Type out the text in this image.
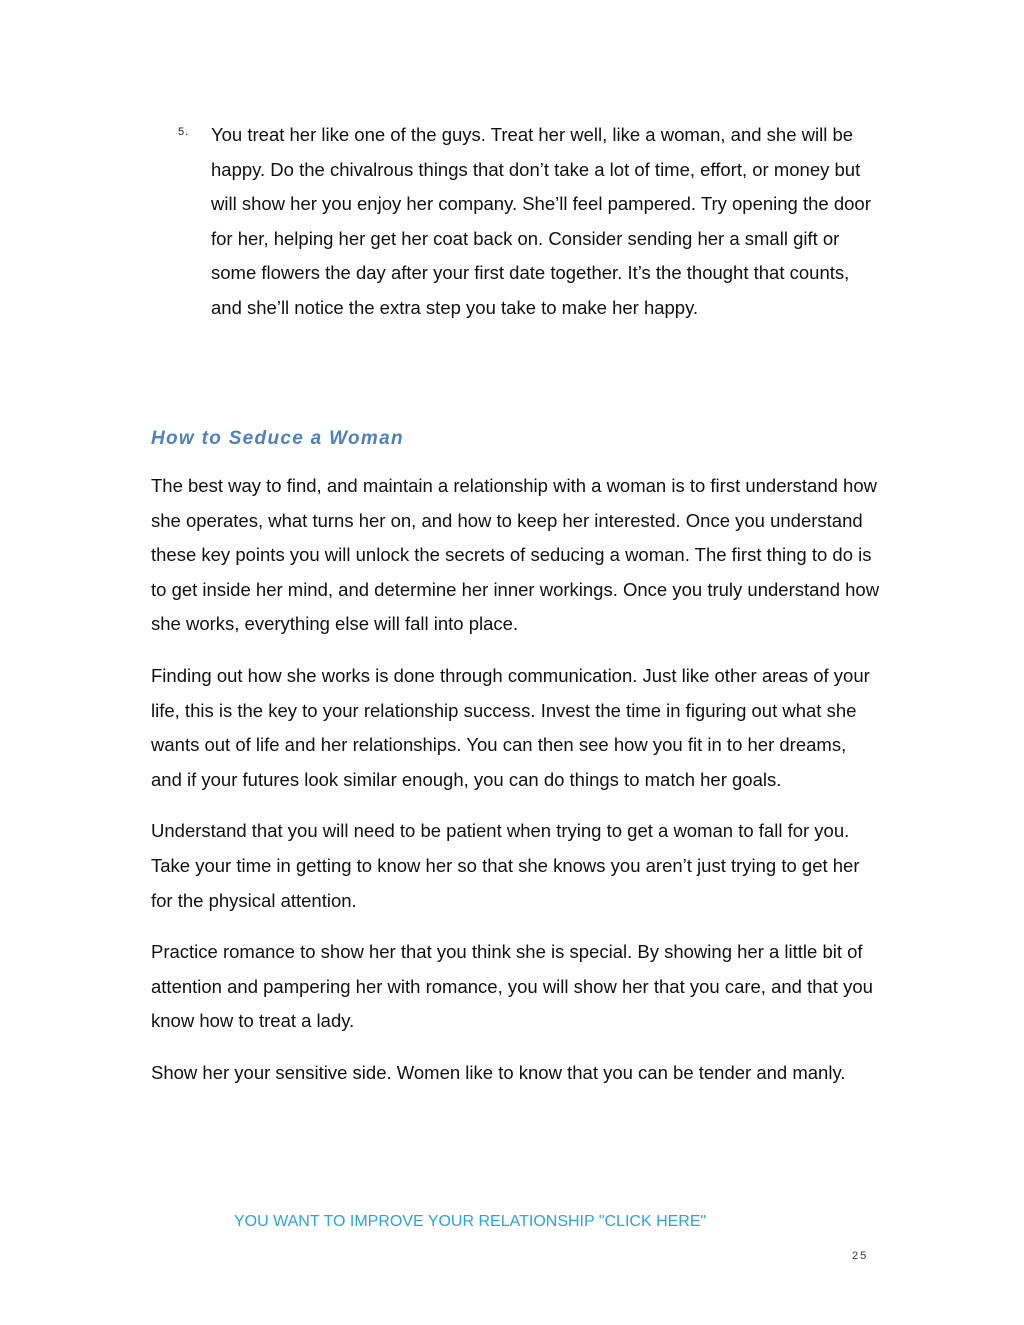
5. You treat her like one of the guys. Treat her well, like a woman, and she will be happy. Do the chivalrous things that don’t take a lot of time, effort, or money but will show her you enjoy her company. She’ll feel pampered. Try opening the door for her, helping her get her coat back on. Consider sending her a small gift or some flowers the day after your first date together. It’s the thought that counts, and she’ll notice the extra step you take to make her happy.
How to Seduce a Woman

The best way to find, and maintain a relationship with a woman is to first understand how she operates, what turns her on, and how to keep her interested. Once you understand these key points you will unlock the secrets of seducing a woman. The first thing to do is to get inside her mind, and determine her inner workings. Once you truly understand how she works, everything else will fall into place.

Finding out how she works is done through communication. Just like other areas of your life, this is the key to your relationship success. Invest the time in figuring out what she wants out of life and her relationships. You can then see how you fit in to her dreams, and if your futures look similar enough, you can do things to match her goals.

Understand that you will need to be patient when trying to get a woman to fall for you. Take your time in getting to know her so that she knows you aren’t just trying to get her for the physical attention.

Practice romance to show her that you think she is special. By showing her a little bit of attention and pampering her with romance, you will show her that you care, and that you know how to treat a lady.

Show her your sensitive side. Women like to know that you can be tender and manly.

YOU WANT TO IMPROVE YOUR RELATIONSHIP "CLICK HERE"
25
